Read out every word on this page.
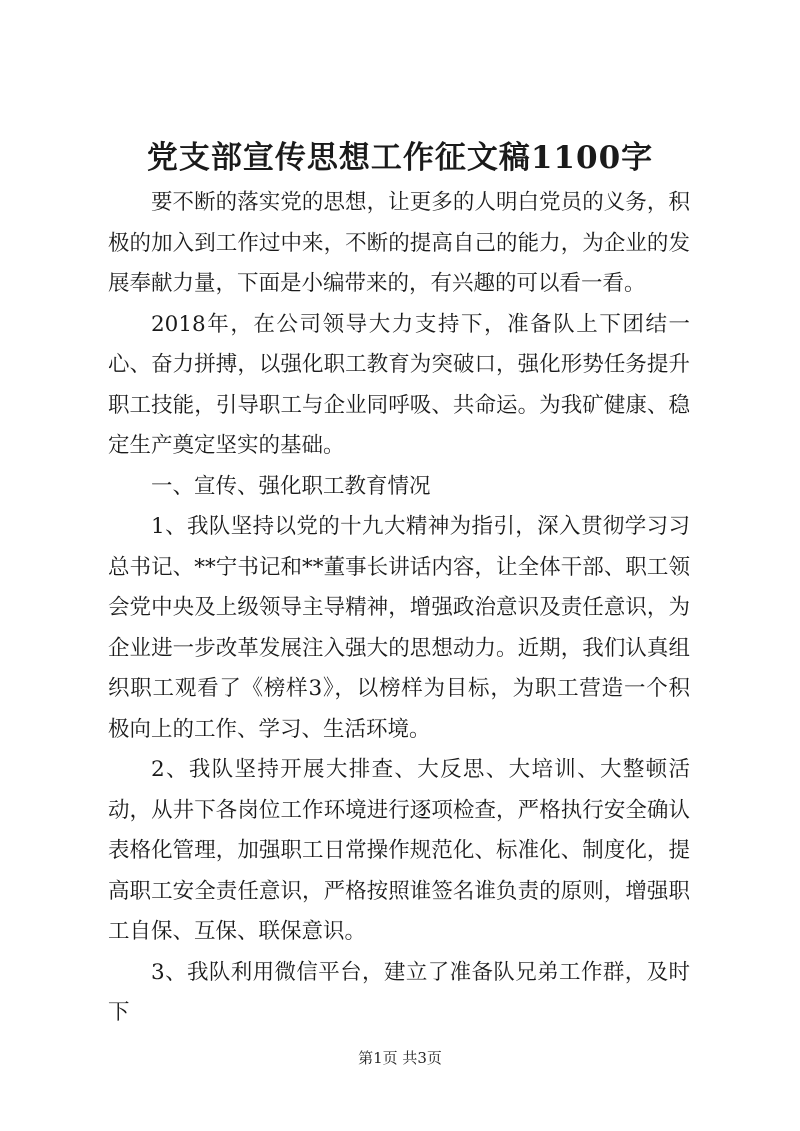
党支部宣传思想工作征文稿1100字

要不断的落实党的思想，让更多的人明白党员的义务，积极的加入到工作过中来，不断的提高自己的能力，为企业的发展奉献力量，下面是小编带来的，有兴趣的可以看一看。

2018年，在公司领导大力支持下，准备队上下团结一心、奋力拼搏，以强化职工教育为突破口，强化形势任务提升职工技能，引导职工与企业同呼吸、共命运。为我矿健康、稳定生产奠定坚实的基础。

一、宣传、强化职工教育情况

1、我队坚持以党的十九大精神为指引，深入贯彻学习习总书记、**宁书记和**董事长讲话内容，让全体干部、职工领会党中央及上级领导主导精神，增强政治意识及责任意识，为企业进一步改革发展注入强大的思想动力。近期，我们认真组织职工观看了《榜样3》，以榜样为目标，为职工营造一个积极向上的工作、学习、生活环境。

2、我队坚持开展大排查、大反思、大培训、大整顿活动，从井下各岗位工作环境进行逐项检查，严格执行安全确认表格化管理，加强职工日常操作规范化、标准化、制度化，提高职工安全责任意识，严格按照谁签名谁负责的原则，增强职工自保、互保、联保意识。

3、我队利用微信平台，建立了准备队兄弟工作群，及时下

第1页 共3页
